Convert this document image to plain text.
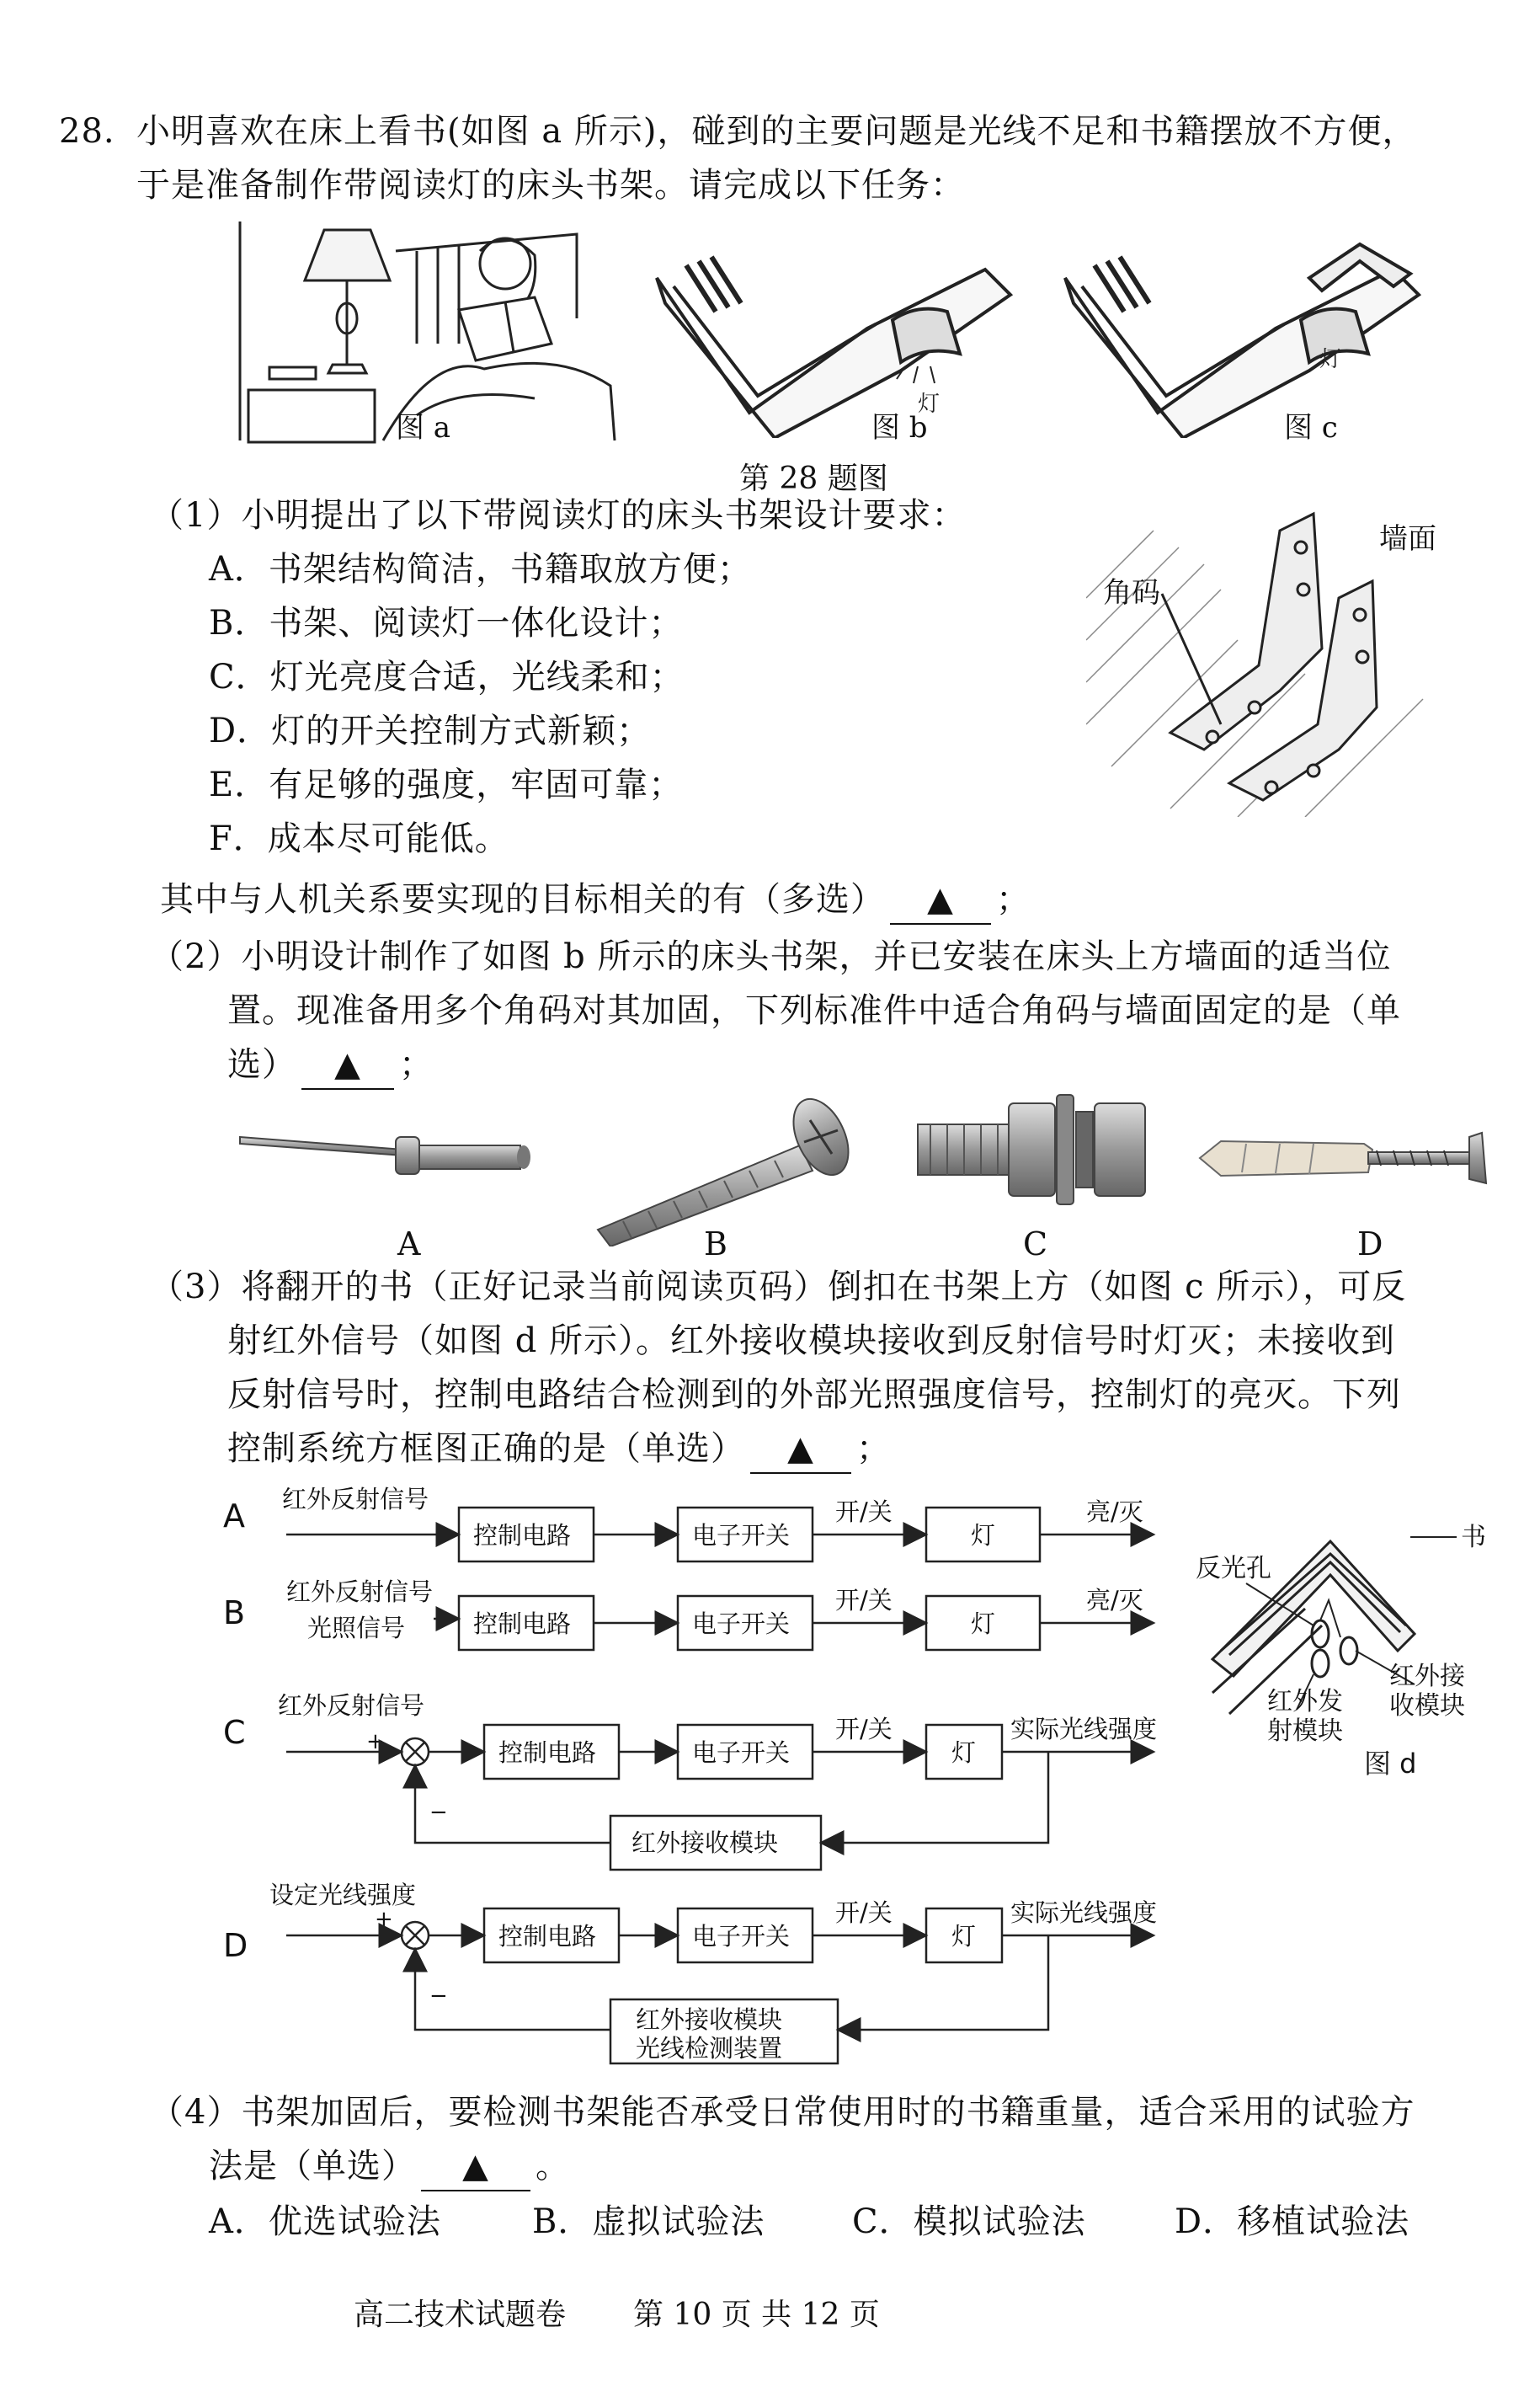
28. 小明喜欢在床上看书(如图 a 所示)，碰到的主要问题是光线不足和书籍摆放不方便，
于是准备制作带阅读灯的床头书架。请完成以下任务：
图 a
灯
图 b
灯
图 c
第 28 题图
（1）小明提出了以下带阅读灯的床头书架设计要求：
A．书架结构简洁，书籍取放方便；
B．书架、阅读灯一体化设计；
C．灯光亮度合适，光线柔和；
D．灯的开关控制方式新颖；
E．有足够的强度，牢固可靠；
F．成本尽可能低。
其中与人机关系要实现的目标相关的有（多选） ▲ ；
角码
墙面
（2）小明设计制作了如图 b 所示的床头书架，并已安装在床头上方墙面的适当位
置。现准备用多个角码对其加固，下列标准件中适合角码与墙面固定的是（单
选） ▲ ；
A	B	C	D
（3）将翻开的书（正好记录当前阅读页码）倒扣在书架上方（如图 c 所示），可反
射红外信号（如图 d 所示）。红外接收模块接收到反射信号时灯灭；未接收到
反射信号时，控制电路结合检测到的外部光照强度信号，控制灯的亮灭。下列
控制系统方框图正确的是（单选） ▲ ；
A 红外反射信号
控制电路	电子开关
开/关
灯
亮/灭
B
红外反射信号
光照信号	控制电路	电子开关
开/关
灯
亮/灭
C
红外反射信号
+	控制电路	电子开关
开/关
灯
实际光线强度
红外接收模块
−
D
设定光线强度
+
控制电路	电子开关
开/关
灯
实际光线强度
红外接收模块
光线检测装置
−
书
反光孔
红外接
收模块
红外发
射模块
图 d
（4）书架加固后，要检测书架能否承受日常使用时的书籍重量，适合采用的试验方
法是（单选） ▲ 。
A．优选试验法	B．虚拟试验法	C．模拟试验法	D．移植试验法
高二技术试题卷 第 10 页 共 12 页
